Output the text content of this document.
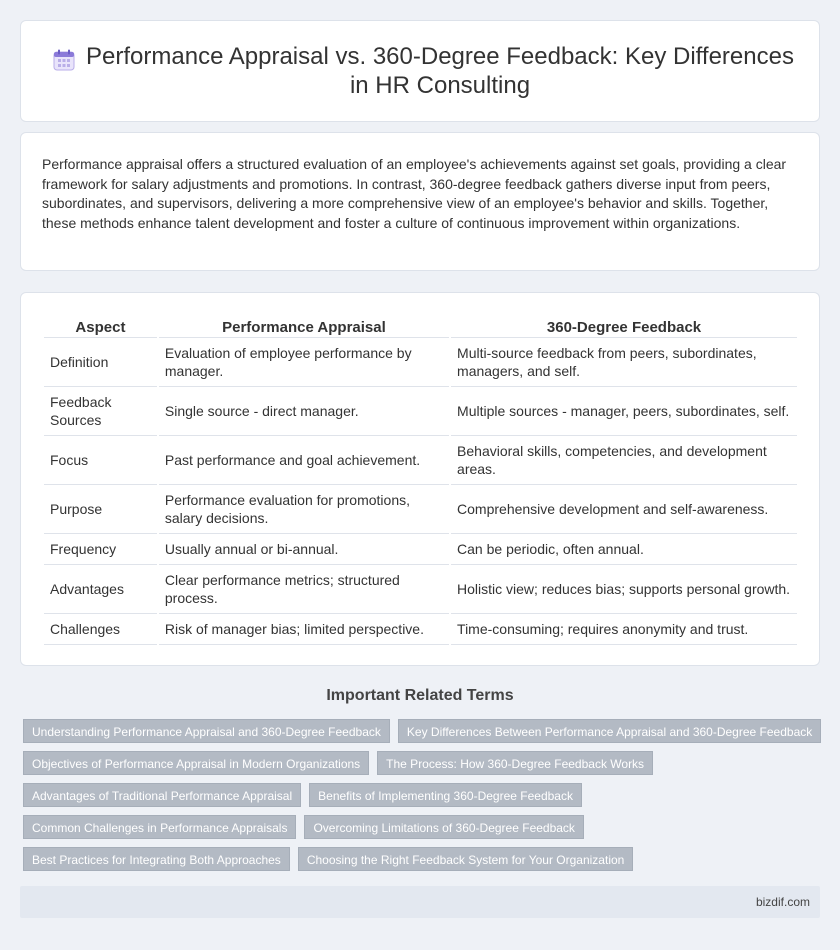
Performance Appraisal vs. 360-Degree Feedback: Key Differences in HR Consulting

Performance appraisal offers a structured evaluation of an employee's achievements against set goals, providing a clear framework for salary adjustments and promotions. In contrast, 360-degree feedback gathers diverse input from peers, subordinates, and supervisors, delivering a more comprehensive view of an employee's behavior and skills. Together, these methods enhance talent development and foster a culture of continuous improvement within organizations.

Aspect	Performance Appraisal	360-Degree Feedback
Definition	Evaluation of employee performance by manager.	Multi-source feedback from peers, subordinates, managers, and self.
Feedback Sources	Single source - direct manager.	Multiple sources - manager, peers, subordinates, self.
Focus	Past performance and goal achievement.	Behavioral skills, competencies, and development areas.
Purpose	Performance evaluation for promotions, salary decisions.	Comprehensive development and self-awareness.
Frequency	Usually annual or bi-annual.	Can be periodic, often annual.
Advantages	Clear performance metrics; structured process.	Holistic view; reduces bias; supports personal growth.
Challenges	Risk of manager bias; limited perspective.	Time-consuming; requires anonymity and trust.
Important Related Terms
Understanding Performance Appraisal and 360-Degree Feedback	Key Differences Between Performance Appraisal and 360-Degree Feedback
Objectives of Performance Appraisal in Modern Organizations	The Process: How 360-Degree Feedback Works
Advantages of Traditional Performance Appraisal	Benefits of Implementing 360-Degree Feedback
Common Challenges in Performance Appraisals	Overcoming Limitations of 360-Degree Feedback
Best Practices for Integrating Both Approaches	Choosing the Right Feedback System for Your Organization
bizdif.com
